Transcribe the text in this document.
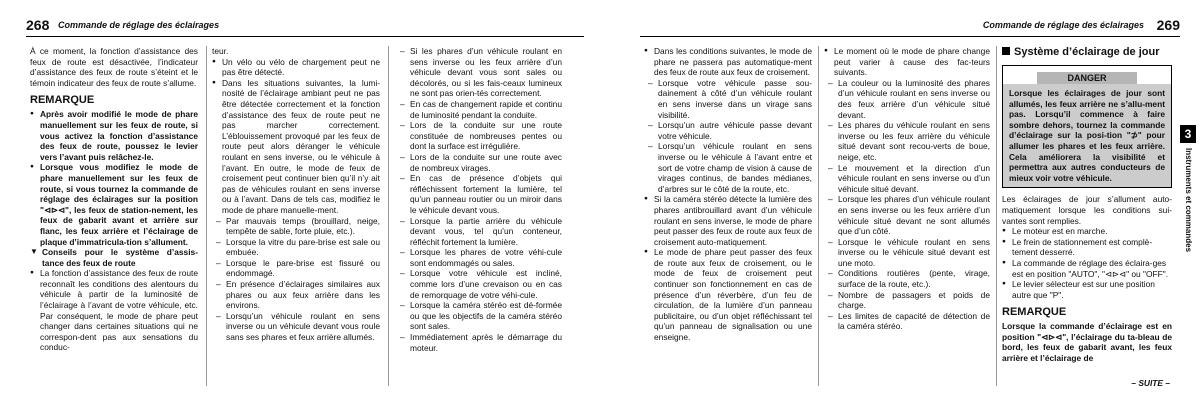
268 Commande de réglage des éclairages

À ce moment, la fonction d’assistance des feux de route est désactivée, l’indicateur d’assistance des feux de route s’éteint et le témoin indicateur des feux de route s’allume.

REMARQUE

● Après avoir modifié le mode de phare manuellement sur les feux de route, si vous activez la fonction d’assistance des feux de route, poussez le levier vers l’avant puis relâchez-le.

● Lorsque vous modifiez le mode de phare manuellement sur les feux de route, si vous tournez la commande de réglage des éclairages sur la position "⊲⊳⊲", les feux de station-nement, les feux de gabarit avant et arrière sur flanc, les feux arrière et l’éclairage de plaque d’immatricula-tion s’allument.

▼ Conseils pour le système d’assis-tance des feux de route

● La fonction d’assistance des feux de route reconnaît les conditions des alentours du véhicule à partir de la luminosité de l’éclairage à l’avant de votre véhicule, etc. Par conséquent, le mode de phare peut changer dans certaines situations qui ne correspon-dent pas aux sensations du conduc-

teur.

● Un vélo ou vélo de chargement peut ne pas être détecté.

● Dans les situations suivantes, la lumi-nosité de l’éclairage ambiant peut ne pas être détectée correctement et la fonction d’assistance des feux de route peut ne pas marcher correctement. L’éblouissement provoqué par les feux de route peut alors déranger le véhicule roulant en sens inverse, ou le véhicule à l’avant. En outre, le mode de feux de croisement peut continuer bien qu’il n’y ait pas de véhicules roulant en sens inverse ou à l’avant. Dans de tels cas, modifiez le mode de phare manuelle-ment.

– Par mauvais temps (brouillard, neige, tempête de sable, forte pluie, etc.).

– Lorsque la vitre du pare-brise est sale ou embuée.

– Lorsque le pare-brise est fissuré ou endommagé.

– En présence d’éclairages similaires aux phares ou aux feux arrière dans les environs.

– Lorsqu’un véhicule roulant en sens inverse ou un véhicule devant vous roule sans ses phares et feux arrière allumés.

– Si les phares d’un véhicule roulant en sens inverse ou les feux arrière d’un véhicule devant vous sont sales ou décolorés, ou si les fais-ceaux lumineux ne sont pas orien-tés correctement.

– En cas de changement rapide et continu de luminosité pendant la conduite.

– Lors de la conduite sur une route constituée de nombreuses pentes ou dont la surface est irrégulière.

– Lors de la conduite sur une route avec de nombreux virages.

– En cas de présence d’objets qui réfléchissent fortement la lumière, tel qu’un panneau routier ou un miroir dans le véhicule devant vous.

– Lorsque la partie arrière du véhicule devant vous, tel qu’un conteneur, réfléchit fortement la lumière.

– Lorsque les phares de votre véhi-cule sont endommagés ou sales.

– Lorsque votre véhicule est incliné, comme lors d’une crevaison ou en cas de remorquage de votre véhi-cule.

– Lorsque la caméra stéréo est dé-formée ou que les objectifs de la caméra stéréo sont sales.

– Immédiatement après le démarrage du moteur.

Commande de réglage des éclairages 269

● Dans les conditions suivantes, le mode de phare ne passera pas automatique-ment des feux de route aux feux de croisement.

– Lorsque votre véhicule passe sou-dainement à côté d’un véhicule roulant en sens inverse dans un virage sans visibilité.

– Lorsqu’un autre véhicule passe devant votre véhicule.

– Lorsqu’un véhicule roulant en sens inverse ou le véhicule à l’avant entre et sort de votre champ de vision à cause de virages continus, de bandes médianes, d’arbres sur le côté de la route, etc.

● Si la caméra stéréo détecte la lumière des phares antibrouillard avant d’un véhicule roulant en sens inverse, le mode de phare peut passer des feux de route aux feux de croisement auto-matiquement.

● Le mode de phare peut passer des feux de route aux feux de croisement, ou le mode de feux de croisement peut continuer son fonctionnement en cas de présence d’un réverbère, d’un feu de circulation, de la lumière d’un panneau publicitaire, ou d’un objet réfléchissant tel qu’un panneau de signalisation ou une enseigne.

● Le moment où le mode de phare change peut varier à cause des fac-teurs suivants.

– La couleur ou la luminosité des phares d’un véhicule roulant en sens inverse ou des feux arrière d’un véhicule situé devant.

– Les phares du véhicule roulant en sens inverse ou les feux arrière du véhicule situé devant sont recou-verts de boue, neige, etc.

– Le mouvement et la direction d’un véhicule roulant en sens inverse ou d’un véhicule situé devant.

– Lorsque les phares d’un véhicule roulant en sens inverse ou les feux arrière d’un véhicule situé devant ne sont allumés que d’un côté.

– Lorsque le véhicule roulant en sens inverse ou le véhicule situé devant est une moto.

– Conditions routières (pente, virage, surface de la route, etc.).

– Nombre de passagers et poids de charge.

– Les limites de capacité de détection de la caméra stéréo.

Système d’éclairage de jour
DANGER

Lorsque les éclairages de jour sont allumés, les feux arrière ne s’allu-ment pas. Lorsqu’il commence à faire sombre dehors, tournez la commande d’éclairage sur la posi-tion "⊅" pour allumer les phares et les feux arrière. Cela améliorera la visibilité et permettra aux autres conducteurs de mieux voir votre véhicule.

Les éclairages de jour s’allument auto-matiquement lorsque les conditions sui-vantes sont remplies.

● Le moteur est en marche.

● Le frein de stationnement est complè-tement desserré.

● La commande de réglage des éclaira-ges est en position "AUTO", "⊲⊳⊲" ou "OFF".

● Le levier sélecteur est sur une position autre que "P".

REMARQUE

Lorsque la commande d’éclairage est en position "⊲⊳⊲", l’éclairage du ta-bleau de bord, les feux de gabarit avant, les feux arrière et l’éclairage de

3
Instruments et commandes
– SUITE –
